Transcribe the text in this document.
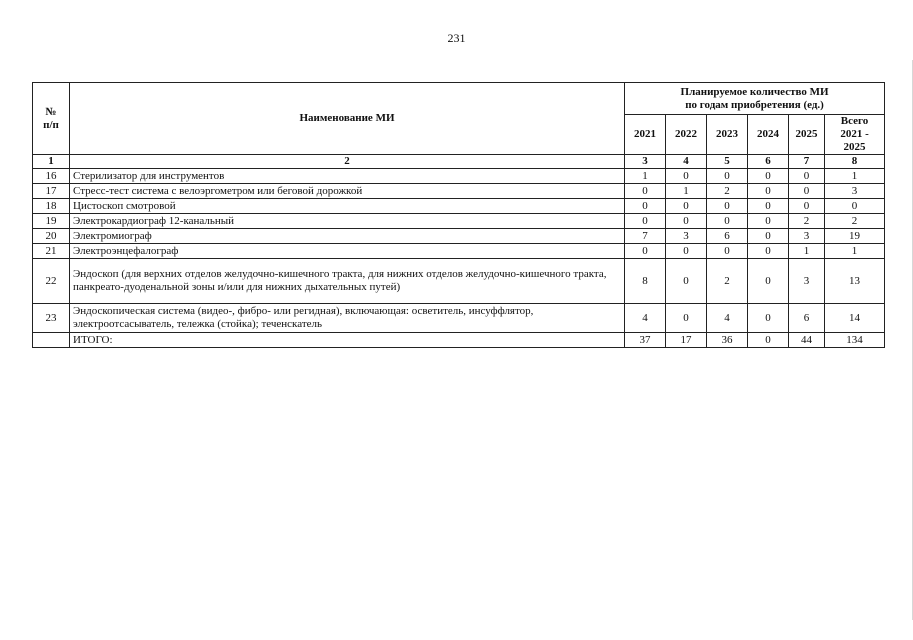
231
№
п/п	Наименование МИ	Планируемое количество МИ
по годам приобретения (ед.)					
		2021	2022	2023	2024	2025	Всего
2021 - 2025
1	2	3	4	5	6	7	8
16	Стерилизатор для инструментов	1	0	0	0	0	1
17	Стресс-тест система с велоэргометром или беговой дорожкой	0	1	2	0	0	3
18	Цистоскоп смотровой	0	0	0	0	0	0
19	Электрокардиограф 12-канальный	0	0	0	0	2	2
20	Электромиограф	7	3	6	0	3	19
21	Электроэнцефалограф	0	0	0	0	1	1
22	Эндоскоп (для верхних отделов желудочно-кишечного тракта, для нижних отделов желудочно-кишечного тракта, панкреато-дуоденальной зоны и/или для нижних дыхательных путей)	8	0	2	0	3	13
23	Эндоскопическая система (видео-, фибро- или регидная), включающая: осветитель, инсуффлятор, электроотсасыватель, тележка (стойка); теченскатель	4	0	4	0	6	14
	ИТОГО:	37	17	36	0	44	134
